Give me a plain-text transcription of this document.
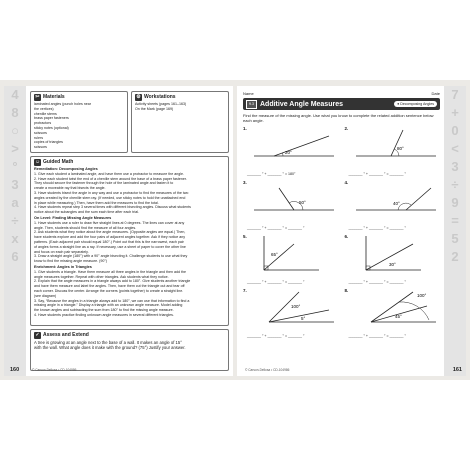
4
8
○
>
°
3
a
÷
x
6
✂ Materials
laminated angles (punch holes near
the vertices)
chenille stems
brass paper fasteners
protractors
sticky notes (optional)
scissors
rulers
copies of triangles
scissors
⚙ Workstations
Activity sheets (pages 161–163)
On the Mark (page 169)
☺ Guided Math
Remediation: Decomposing Angles
1. Give each student a laminated angle, and have them use a protractor to measure the angle.
2. Have each student twist the end of a chenille stem around the base of a brass paper fastener.
They should secure the fastener through the hole of the laminated angle and fasten it to
create a moveable ray that bisects the angle.
3. Have students bisect the angle in any way and use a protractor to find the measures of the two
angles created by the chenille stem ray. (If needed, use sticky notes to hold the unattached end
in place while measuring.) Then, have them add the measures to find the total.
4. Have students repeat step 3 several times with different bisecting angles. Discuss what students
notice about the subangles and the sum each time after each trial.
On Level: Finding Missing Angle Measures
1. Have students use a ruler to draw five straight lines at 0 degrees. The lines can cover at any
angle. Then, students should find the measure of all four angles.
2. Ask students what they notice about the angle measures. (Opposite angles are equal.) Then,
have students explore and add the four pairs of adjacent angles together. Ask if they notice any
patterns. (Each adjacent pair should equal 180°.) Point out that this is the narrowest, each pair
of angles forms a straight line as a ray. If necessary, use a sheet of paper to cover the other line
and focus on each pair separately.
3. Draw a straight angle (180°) with a 90° angle bisecting it. Challenge students to use what they
know to find the missing angle measure. (90°)
Enrichment: Angles in Triangles
1. Give students a triangle. Have them measure all three angles in the triangle and then add the
angle measures together. Repeat with other triangles. Ask students what they notice.
2. Explain that the angle measures in a triangle always add to 180°. Give students another triangle
and have them measure and label the angles. Then, have them cut the triangle out and tear off
each corner. Discuss the center. Arrange the corners (points together) to create a straight line.
(see diagram)
3. Say, “Because the angles in a triangle always add to 180°, we can use that information to find a
missing angle in a triangle.” Display a triangle with an unknown angle measure. Model adding
the known angles and subtracting the sum from 180° to find the missing angle measure.
4. Have students practice finding unknown angle measures in several different triangles.
✓ Assess and Extend
A tree is growing at an angle next to the base of a wall. It makes an angle of 15°
with the wall. What angle does it make with the ground? (75°) Justify your answer.
160	© Carson-Dellosa • CD-104986
7
+
0
<
3
÷
9
=
5
2
Name	Date
9.3 Additive Angle Measures	● Decomposing Angles
Find the measure of the missing angle. Use what you know to complete the related addition sentence below each angle.
1.
20°
_______ ° + _______ ° = 180°
2.
80°
_______ ° + _______ ° = _______ °
3.
50°
_______ ° + _______ ° = _______ °
4.
40°
_______ ° + _______ ° = _______ °
5.
65°
_______ ° + _______ ° = _______ °
6.
30°
_______ ° + _______ ° = _______ °
7.
100°
5°
_______ ° + _______ ° = _______ °
8.
100°
45°
_______ ° + _______ ° = _______ °
© Carson-Dellosa • CD-104986	161
